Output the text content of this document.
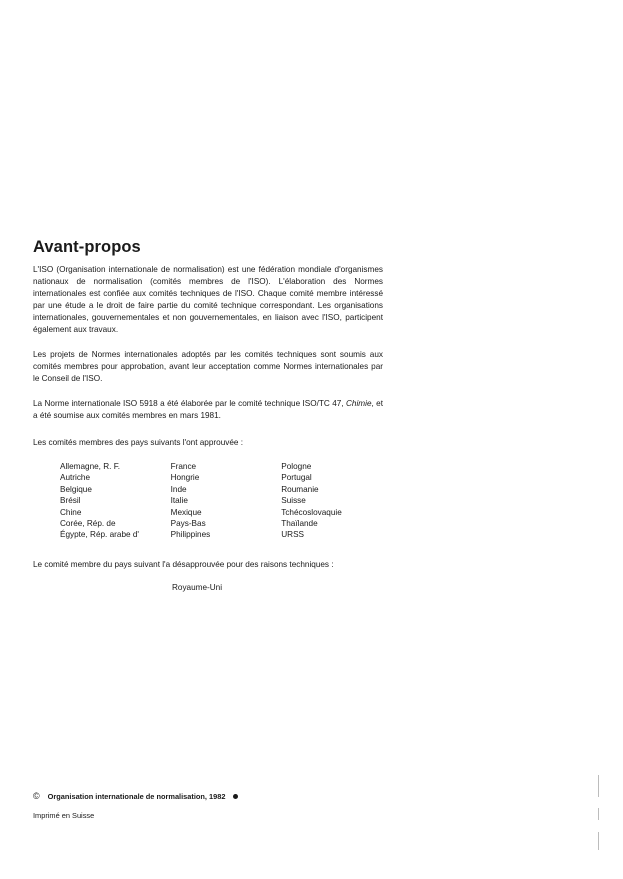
Avant-propos

L'ISO (Organisation internationale de normalisation) est une fédération mondiale d'organismes nationaux de normalisation (comités membres de l'ISO). L'élaboration des Normes internationales est confiée aux comités techniques de l'ISO. Chaque comité membre intéressé par une étude a le droit de faire partie du comité technique correspondant. Les organisations internationales, gouvernementales et non gouvernementales, en liaison avec l'ISO, participent également aux travaux.

Les projets de Normes internationales adoptés par les comités techniques sont soumis aux comités membres pour approbation, avant leur acceptation comme Normes internationales par le Conseil de l'ISO.

La Norme internationale ISO 5918 a été élaborée par le comité technique ISO/TC 47, Chimie, et a été soumise aux comités membres en mars 1981.

Les comités membres des pays suivants l'ont approuvée :

Allemagne, R. F.
Autriche
Belgique
Brésil
Chine
Corée, Rép. de
Égypte, Rép. arabe d'
France
Hongrie
Inde
Italie
Mexique
Pays-Bas
Philippines
Pologne
Portugal
Roumanie
Suisse
Tchécoslovaquie
Thaïlande
URSS

Le comité membre du pays suivant l'a désapprouvée pour des raisons techniques :

Royaume-Uni
© Organisation internationale de normalisation, 1982
Imprimé en Suisse
